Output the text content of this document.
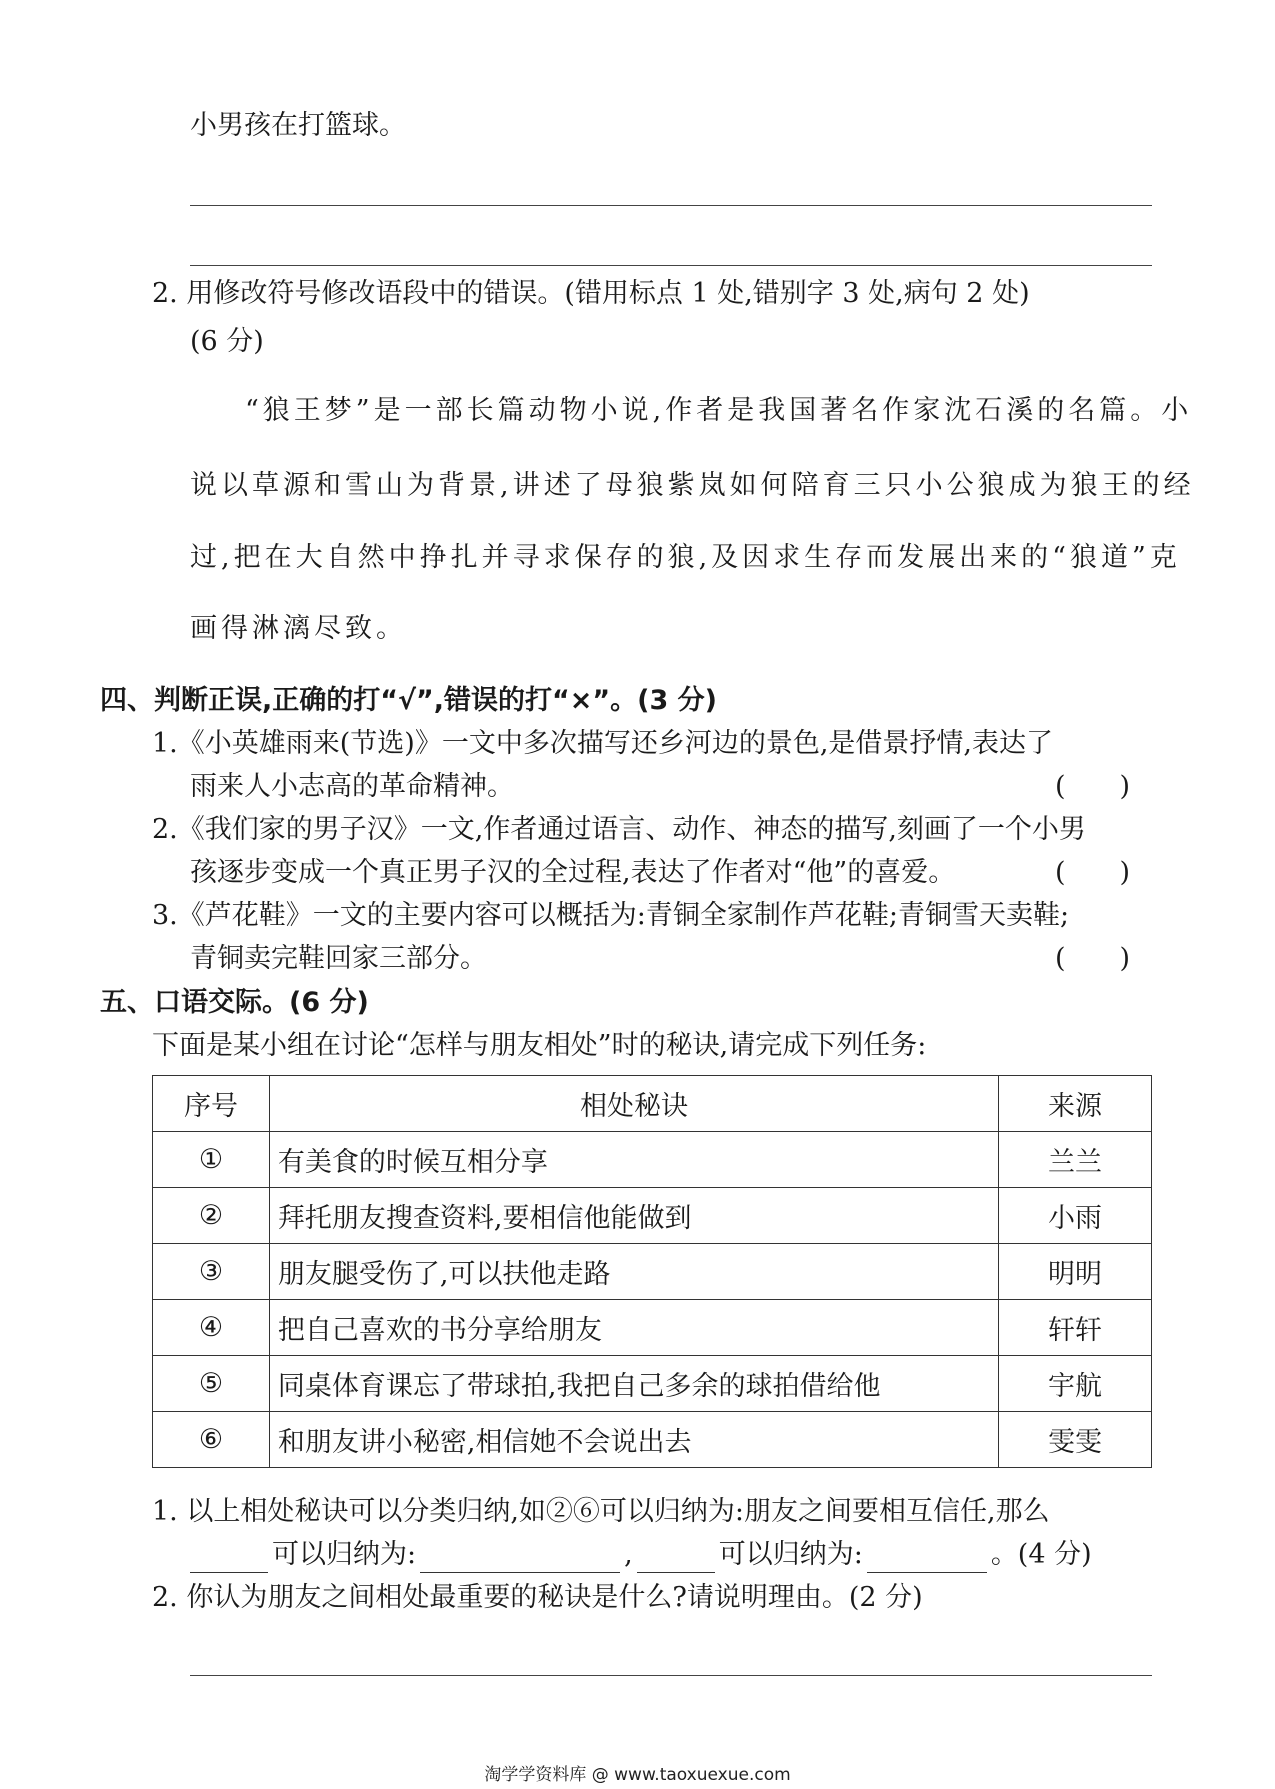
小男孩在打篮球。
2. 用修改符号修改语段中的错误。(错用标点 1 处,错别字 3 处,病句 2 处)
(6 分)
“狼王梦”是一部长篇动物小说,作者是我国著名作家沈石溪的名篇。小
说以草源和雪山为背景,讲述了母狼紫岚如何陪育三只小公狼成为狼王的经
过,把在大自然中挣扎并寻求保存的狼,及因求生存而发展出来的“狼道”克
画得淋漓尽致。
四、判断正误,正确的打“√”,错误的打“×”。(3 分)
1.《小英雄雨来(节选)》一文中多次描写还乡河边的景色,是借景抒情,表达了
雨来人小志高的革命精神。	(　　)
2.《我们家的男子汉》一文,作者通过语言、动作、神态的描写,刻画了一个小男
孩逐步变成一个真正男子汉的全过程,表达了作者对“他”的喜爱。	(　　)
3.《芦花鞋》一文的主要内容可以概括为:青铜全家制作芦花鞋;青铜雪天卖鞋;
青铜卖完鞋回家三部分。	(　　)
五、口语交际。(6 分)
下面是某小组在讨论“怎样与朋友相处”时的秘诀,请完成下列任务:
序号	相处秘诀	来源
①	有美食的时候互相分享	兰兰
②	拜托朋友搜查资料,要相信他能做到	小雨
③	朋友腿受伤了,可以扶他走路	明明
④	把自己喜欢的书分享给朋友	轩轩
⑤	同桌体育课忘了带球拍,我把自己多余的球拍借给他	宇航
⑥	和朋友讲小秘密,相信她不会说出去	雯雯
1. 以上相处秘诀可以分类归纳,如②⑥可以归纳为:朋友之间要相互信任,那么
可以归纳为:	,	可以归纳为:	。(4 分)
2. 你认为朋友之间相处最重要的秘诀是什么?请说明理由。(2 分)
淘学学资料库 @ www.taoxuexue.com
